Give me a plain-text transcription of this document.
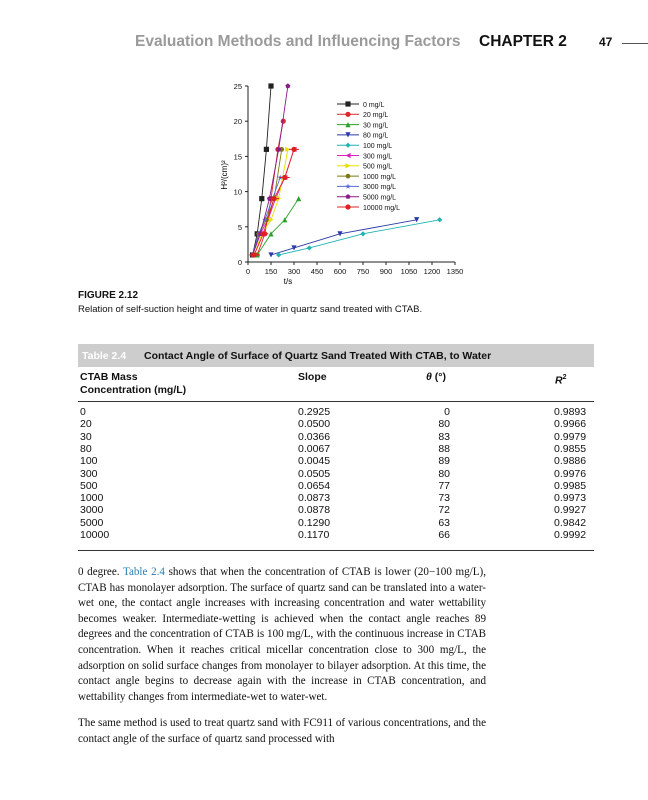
Evaluation Methods and Influencing Factors CHAPTER 2	47
0 150 300 450 600 750 900 1050 1200 1350
0
5
10
15
20
25
0 mg/L
20 mg/L
30 mg/L
80 mg/L
100 mg/L
300 mg/L
500 mg/L
1000 mg/L
3000 mg/L
5000 mg/L
10000 mg/L
t/s
H²/(cm)²
FIGURE 2.12
Relation of self-suction height and time of water in quartz sand treated with CTAB.
Table 2.4 Contact Angle of Surface of Quartz Sand Treated With CTAB, to Water
CTAB Mass
Concentration (mg/L)
Slope	θ (°)	$R^2$
0	0.2925	0	0.9893
20	0.0500	80	0.9966
30	0.0366	83	0.9979
80	0.0067	88	0.9855
100	0.0045	89	0.9886
300	0.0505	80	0.9976
500	0.0654	77	0.9985
1000	0.0873	73	0.9973
3000	0.0878	72	0.9927
5000	0.1290	63	0.9842
10000	0.1170	66	0.9992
0 degree. Table 2.4 shows that when the concentration of CTAB is lower (20−100 mg/L), CTAB has monolayer adsorption. The surface of quartz sand can be translated into a water-wet one, the contact angle increases with increasing concentration and water wettability becomes weaker. Intermediate-wetting is achieved when the contact angle reaches 89 degrees and the concentration of CTAB is 100 mg/L, with the continuous increase in CTAB concentration. When it reaches critical micellar concentration close to 300 mg/L, the adsorption on solid surface changes from monolayer to bilayer adsorption. At this time, the contact angle begins to decrease again with the increase in CTAB concentration, and wettability changes from intermediate-wet to water-wet.
The same method is used to treat quartz sand with FC911 of various concentrations, and the contact angle of the surface of quartz sand processed with
